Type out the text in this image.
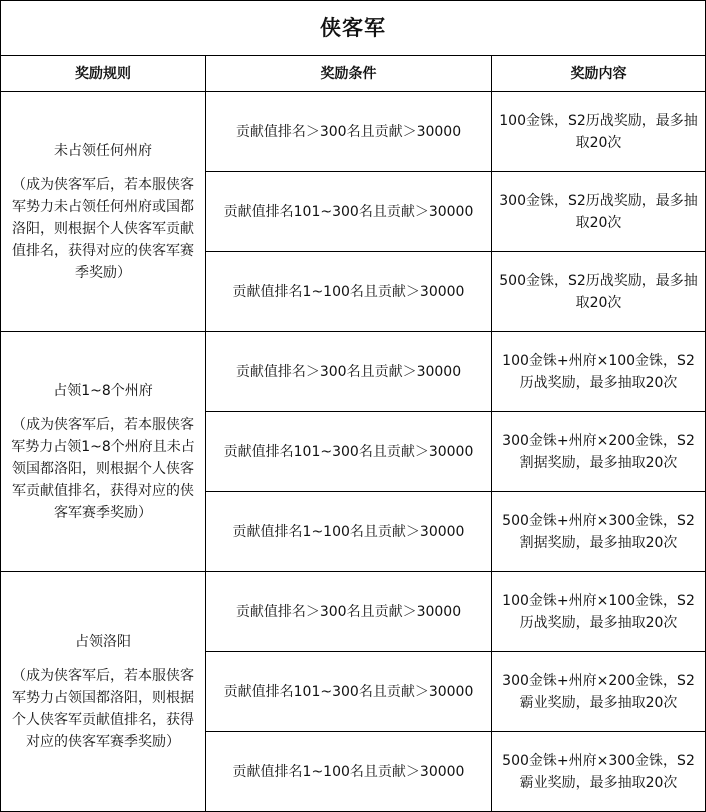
侠客军		
奖励规则	奖励条件	奖励内容

未占领任何州府
（成为侠客军后，若本服侠客军势力未占领任何州府或国都洛阳，则根据个人侠客军贡献值排名，获得对应的侠客军赛季奖励）	贡献值排名＞300名且贡献＞30000	100金铢，S2历战奖励，最多抽取20次
	贡献值排名101~300名且贡献＞30000	300金铢，S2历战奖励，最多抽取20次
	贡献值排名1~100名且贡献＞30000	500金铢，S2历战奖励，最多抽取20次

占领1~8个州府
（成为侠客军后，若本服侠客军势力占领1~8个州府且未占领国都洛阳，则根据个人侠客军贡献值排名，获得对应的侠客军赛季奖励）	贡献值排名＞300名且贡献＞30000	100金铢+州府×100金铢，S2历战奖励，最多抽取20次
	贡献值排名101~300名且贡献＞30000	300金铢+州府×200金铢，S2割据奖励，最多抽取20次
	贡献值排名1~100名且贡献＞30000	500金铢+州府×300金铢，S2割据奖励，最多抽取20次

占领洛阳
（成为侠客军后，若本服侠客军势力占领国都洛阳，则根据个人侠客军贡献值排名，获得对应的侠客军赛季奖励）	贡献值排名＞300名且贡献＞30000	100金铢+州府×100金铢，S2历战奖励，最多抽取20次
	贡献值排名101~300名且贡献＞30000	300金铢+州府×200金铢，S2霸业奖励，最多抽取20次
	贡献值排名1~100名且贡献＞30000	500金铢+州府×300金铢，S2霸业奖励，最多抽取20次
